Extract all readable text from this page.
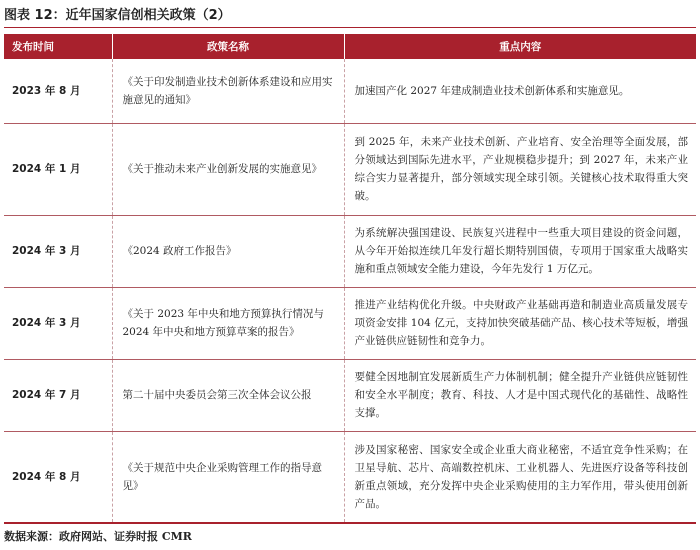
图表 12：近年国家信创相关政策（2）
发布时间	政策名称	重点内容
2023 年 8 月	《关于印发制造业技术创新体系建设和应用实施意见的通知》	加速国产化 2027 年建成制造业技术创新体系和实施意见。
2024 年 1 月	《关于推动未来产业创新发展的实施意见》	到 2025 年，未来产业技术创新、产业培育、安全治理等全面发展，部分领域达到国际先进水平，产业规模稳步提升；到 2027 年，未来产业综合实力显著提升，部分领域实现全球引领。关键核心技术取得重大突破。
2024 年 3 月	《2024 政府工作报告》	为系统解决强国建设、民族复兴进程中一些重大项目建设的资金问题，从今年开始拟连续几年发行超长期特别国债，专项用于国家重大战略实施和重点领域安全能力建设，今年先发行 1 万亿元。
2024 年 3 月	《关于 2023 年中央和地方预算执行情况与 2024 年中央和地方预算草案的报告》	推进产业结构优化升级。中央财政产业基础再造和制造业高质量发展专项资金安排 104 亿元，支持加快突破基础产品、核心技术等短板，增强产业链供应链韧性和竞争力。
2024 年 7 月	第二十届中央委员会第三次全体会议公报	要健全因地制宜发展新质生产力体制机制；健全提升产业链供应链韧性和安全水平制度；教育、科技、人才是中国式现代化的基础性、战略性支撑。
2024 年 8 月	《关于规范中央企业采购管理工作的指导意见》	涉及国家秘密、国家安全或企业重大商业秘密，不适宜竞争性采购；在卫星导航、芯片、高端数控机床、工业机器人、先进医疗设备等科技创新重点领域，充分发挥中央企业采购使用的主力军作用，带头使用创新产品。
数据来源：政府网站、证券时报 CMR
